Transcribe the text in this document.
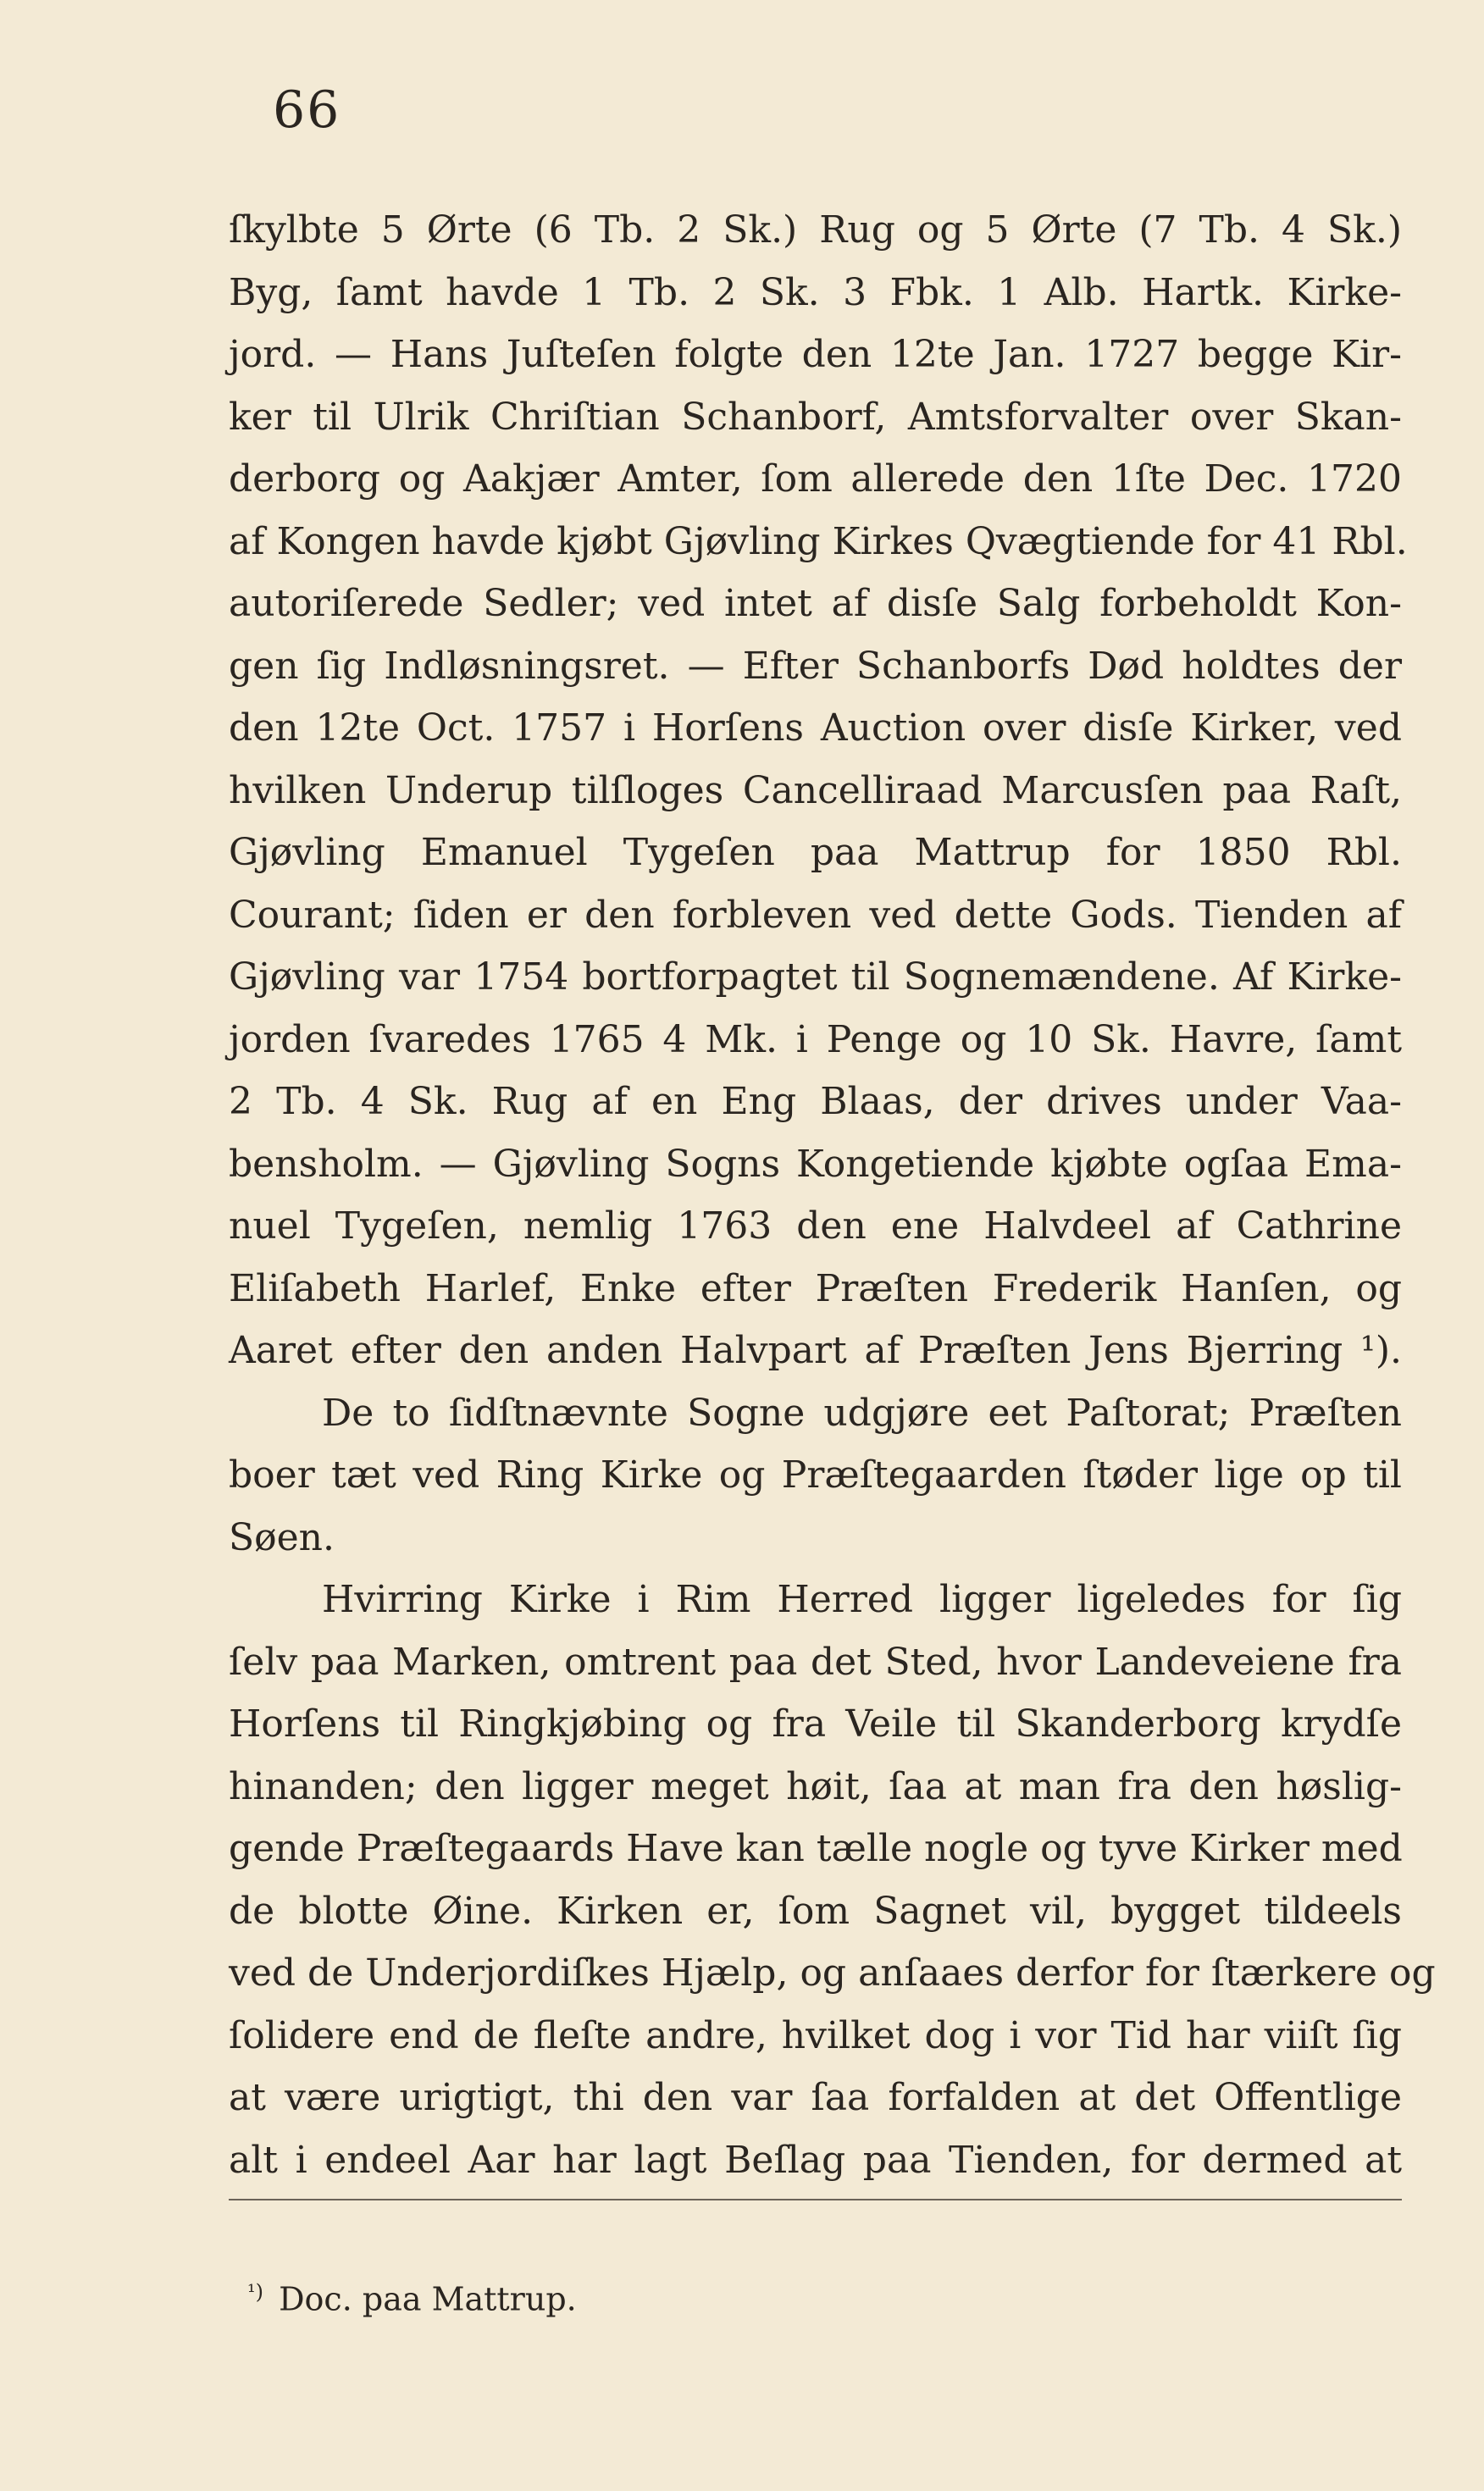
66
ſkylbte 5 Ørte (6 Tb. 2 Sk.) Rug og 5 Ørte (7 Tb. 4 Sk.)
Byg, ſamt havde 1 Tb. 2 Sk. 3 Fbk. 1 Alb. Hartk. Kirke-
jord. — Hans Juſteſen folgte den 12te Jan. 1727 begge Kir-
ker til Ulrik Chriſtian Schanborf, Amtsforvalter over Skan-
derborg og Aakjær Amter, ſom allerede den 1ſte Dec. 1720
af Kongen havde kjøbt Gjøvling Kirkes Qvægtiende for 41 Rbl.
autoriſerede Sedler; ved intet af disſe Salg forbeholdt Kon-
gen ſig Indløsningsret. — Efter Schanborfs Død holdtes der
den 12te Oct. 1757 i Horſens Auction over disſe Kirker, ved
hvilken Underup tilſloges Cancelliraad Marcusſen paa Raſt,
Gjøvling Emanuel Tygeſen paa Mattrup for 1850 Rbl.
Courant; ſiden er den forbleven ved dette Gods. Tienden af
Gjøvling var 1754 bortforpagtet til Sognemændene. Af Kirke-
jorden ſvaredes 1765 4 Mk. i Penge og 10 Sk. Havre, ſamt
2 Tb. 4 Sk. Rug af en Eng Blaas, der drives under Vaa-
bensholm. — Gjøvling Sogns Kongetiende kjøbte ogſaa Ema-
nuel Tygeſen, nemlig 1763 den ene Halvdeel af Cathrine
Eliſabeth Harlef, Enke efter Præſten Frederik Hanſen, og
Aaret efter den anden Halvpart af Præſten Jens Bjerring ¹).
De to ſidſtnævnte Sogne udgjøre eet Paſtorat; Præſten
boer tæt ved Ring Kirke og Præſtegaarden ſtøder lige op til
Søen.
Hvirring Kirke i Rim Herred ligger ligeledes for ſig
ſelv paa Marken, omtrent paa det Sted, hvor Landeveiene fra
Horſens til Ringkjøbing og fra Veile til Skanderborg krydſe
hinanden; den ligger meget høit, ſaa at man fra den høslig-
gende Præſtegaards Have kan tælle nogle og tyve Kirker med
de blotte Øine. Kirken er, ſom Sagnet vil, bygget tildeels
ved de Underjordiſkes Hjælp, og anſaaes derfor for ſtærkere og
ſolidere end de fleſte andre, hvilket dog i vor Tid har viiſt ſig
at være urigtigt, thi den var ſaa forfalden at det Offentlige
alt i endeel Aar har lagt Beſlag paa Tienden, for dermed at
$^{^1)}$ Doc. paa Mattrup.
